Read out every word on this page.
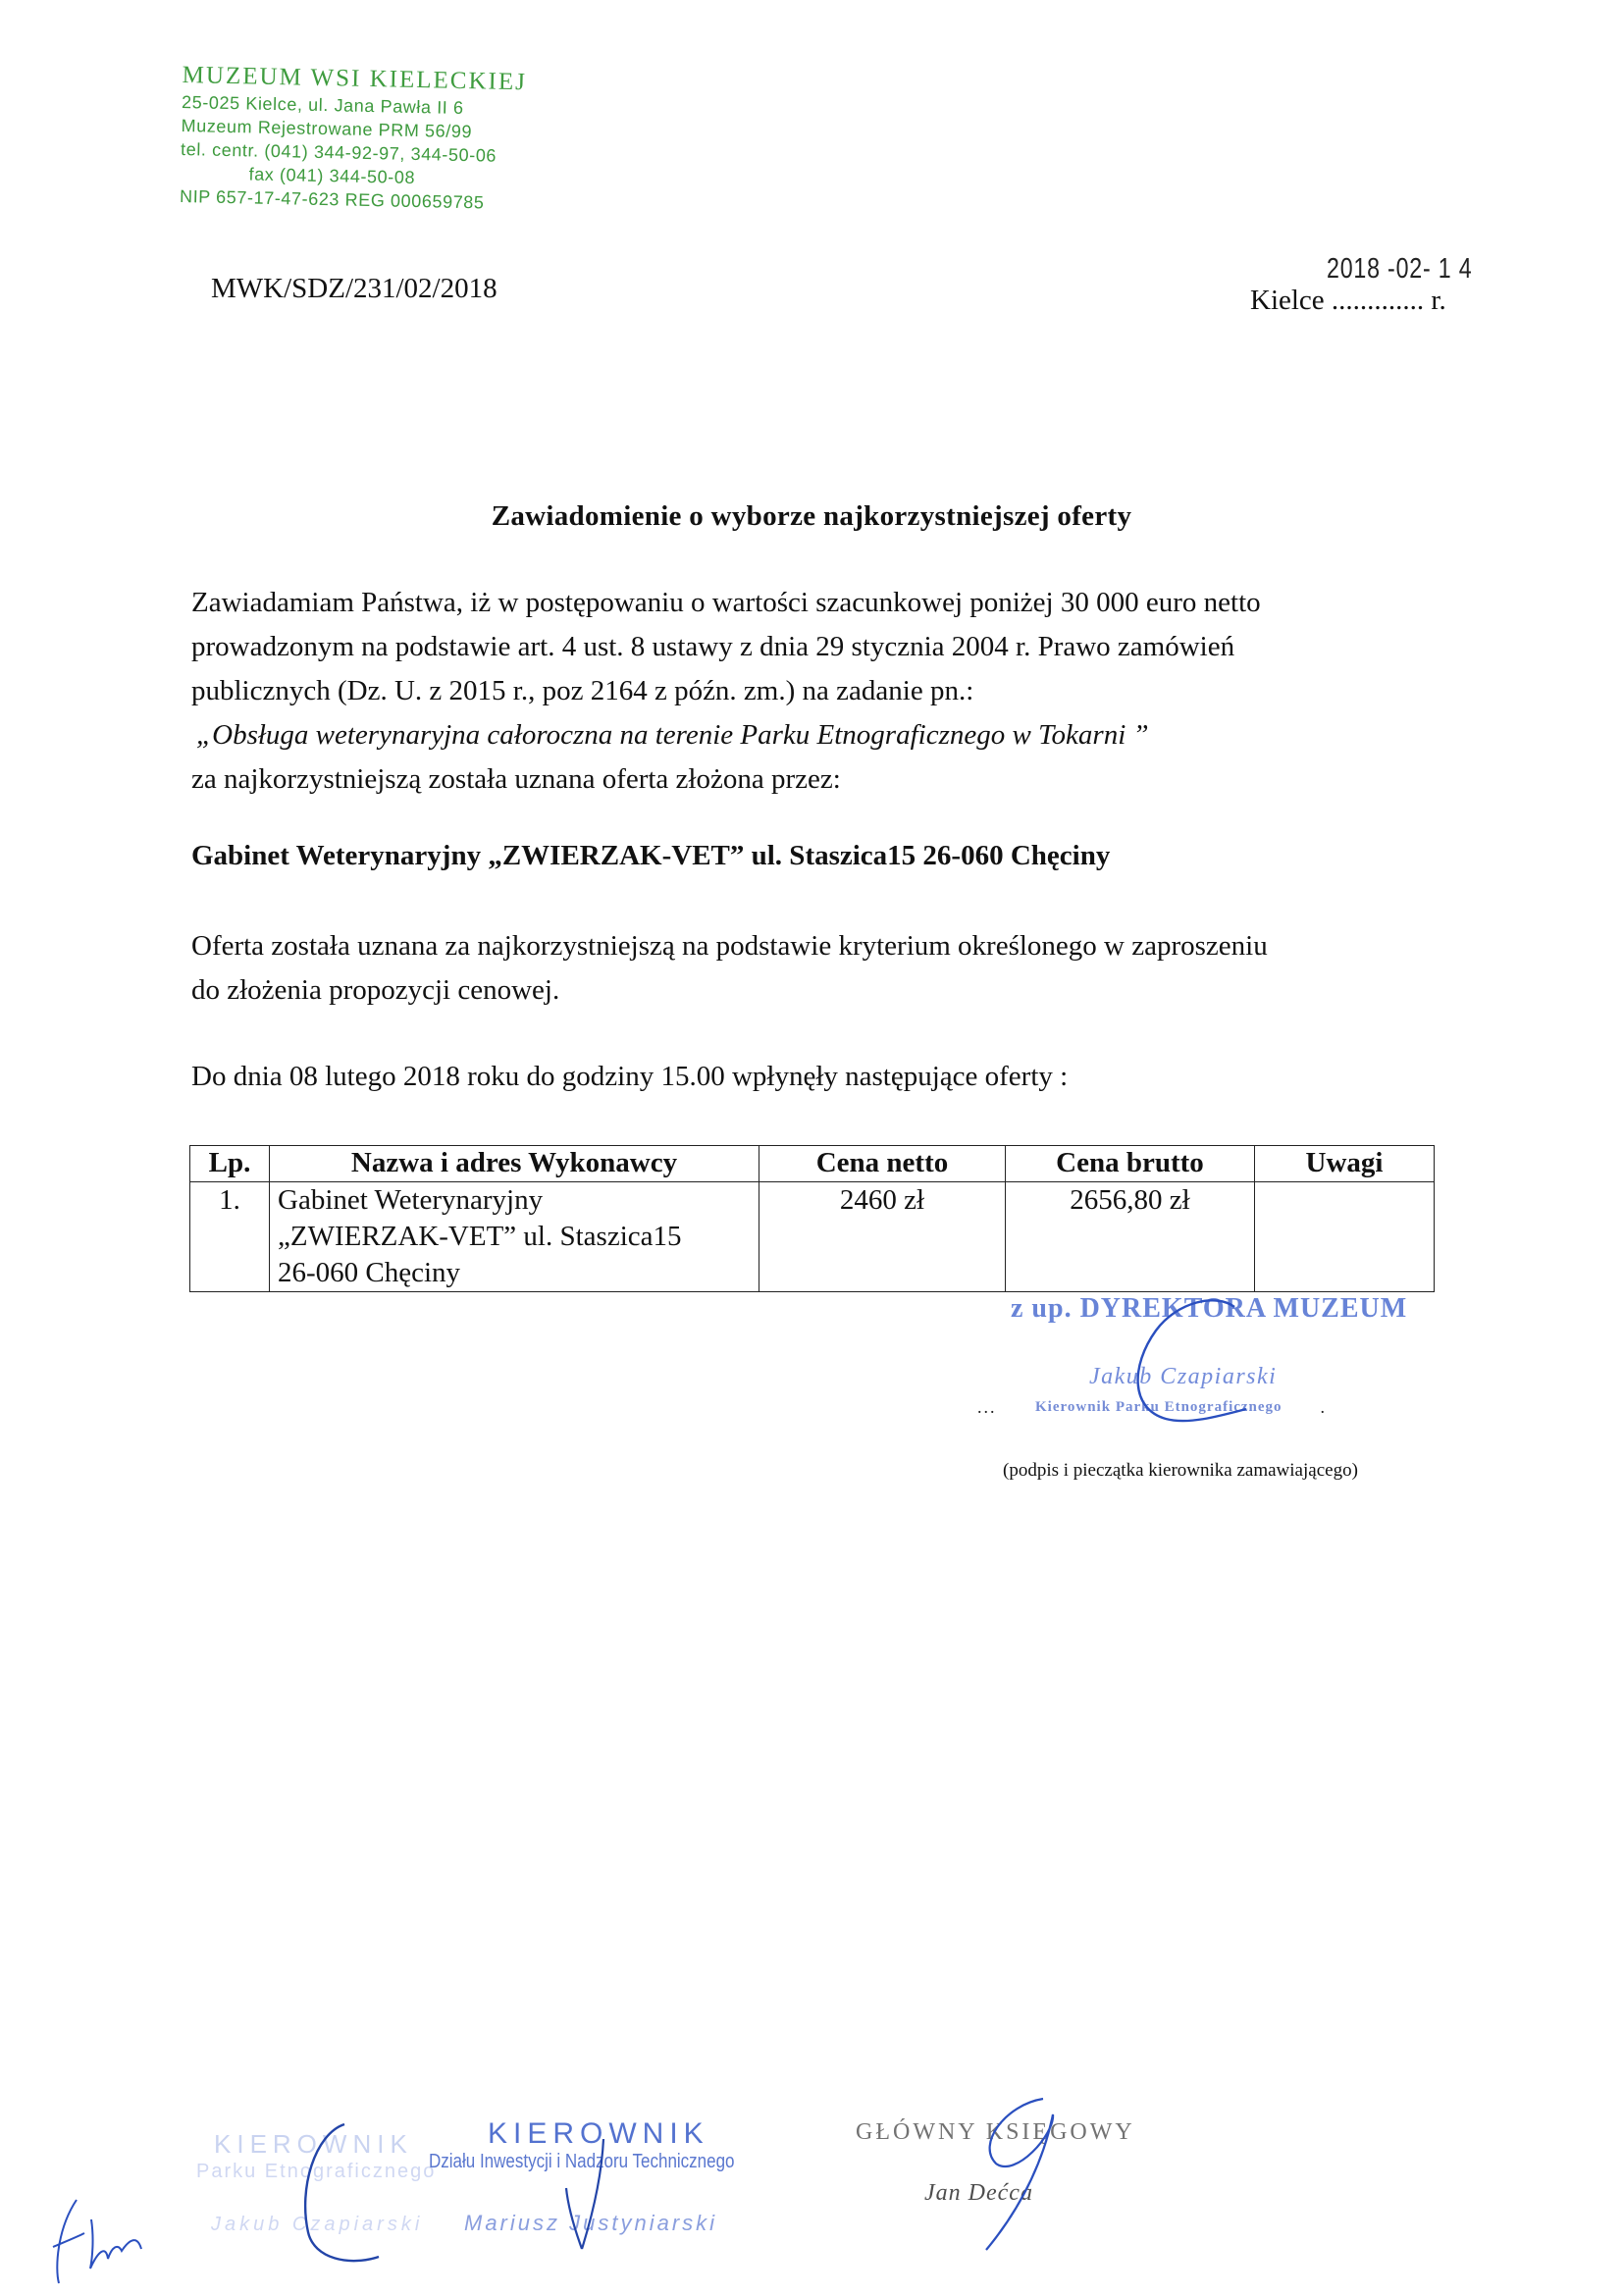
MUZEUM WSI KIELECKIEJ
25-025 Kielce, ul. Jana Pawła II 6
Muzeum Rejestrowane PRM 56/99
tel. centr. (041) 344-92-97, 344-50-06
fax (041) 344-50-08
NIP 657-17-47-623 REG 000659785
MWK/SDZ/231/02/2018	Kielce ............. r.
2018 -02- 1 4
Zawiadomienie o wyborze najkorzystniejszej oferty
Zawiadamiam Państwa, iż w postępowaniu o wartości szacunkowej poniżej 30 000 euro netto
prowadzonym na podstawie art. 4 ust. 8 ustawy z dnia 29 stycznia 2004 r. Prawo zamówień
publicznych (Dz. U. z 2015 r., poz 2164 z późn. zm.) na zadanie pn.:
„Obsługa weterynaryjna całoroczna na terenie Parku Etnograficznego w Tokarni ”
za najkorzystniejszą została uznana oferta złożona przez:
Gabinet Weterynaryjny „ZWIERZAK-VET” ul. Staszica15 26-060 Chęciny
Oferta została uznana za najkorzystniejszą na podstawie kryterium określonego w zaproszeniu
do złożenia propozycji cenowej.
Do dnia 08 lutego 2018 roku do godziny 15.00 wpłynęły następujące oferty :
Lp.	Nazwa i adres Wykonawcy	Cena netto	Cena brutto	Uwagi
1.	Gabinet Weterynaryjny
„ZWIERZAK-VET” ul. Staszica15
26-060 Chęciny	2460 zł	2656,80 zł	
z up. DYREKTORA MUZEUM
Jakub Czapiarski
...	.
Kierownik Parku Etnograficznego
(podpis i pieczątka kierownika zamawiającego)
KIEROWNIK
Parku Etnograficznego
Jakub Czapiarski
KIEROWNIK
Działu Inwestycji i Nadzoru Technicznego
Mariusz Justyniarski
GŁÓWNY KSIĘGOWY
Jan Dećca
